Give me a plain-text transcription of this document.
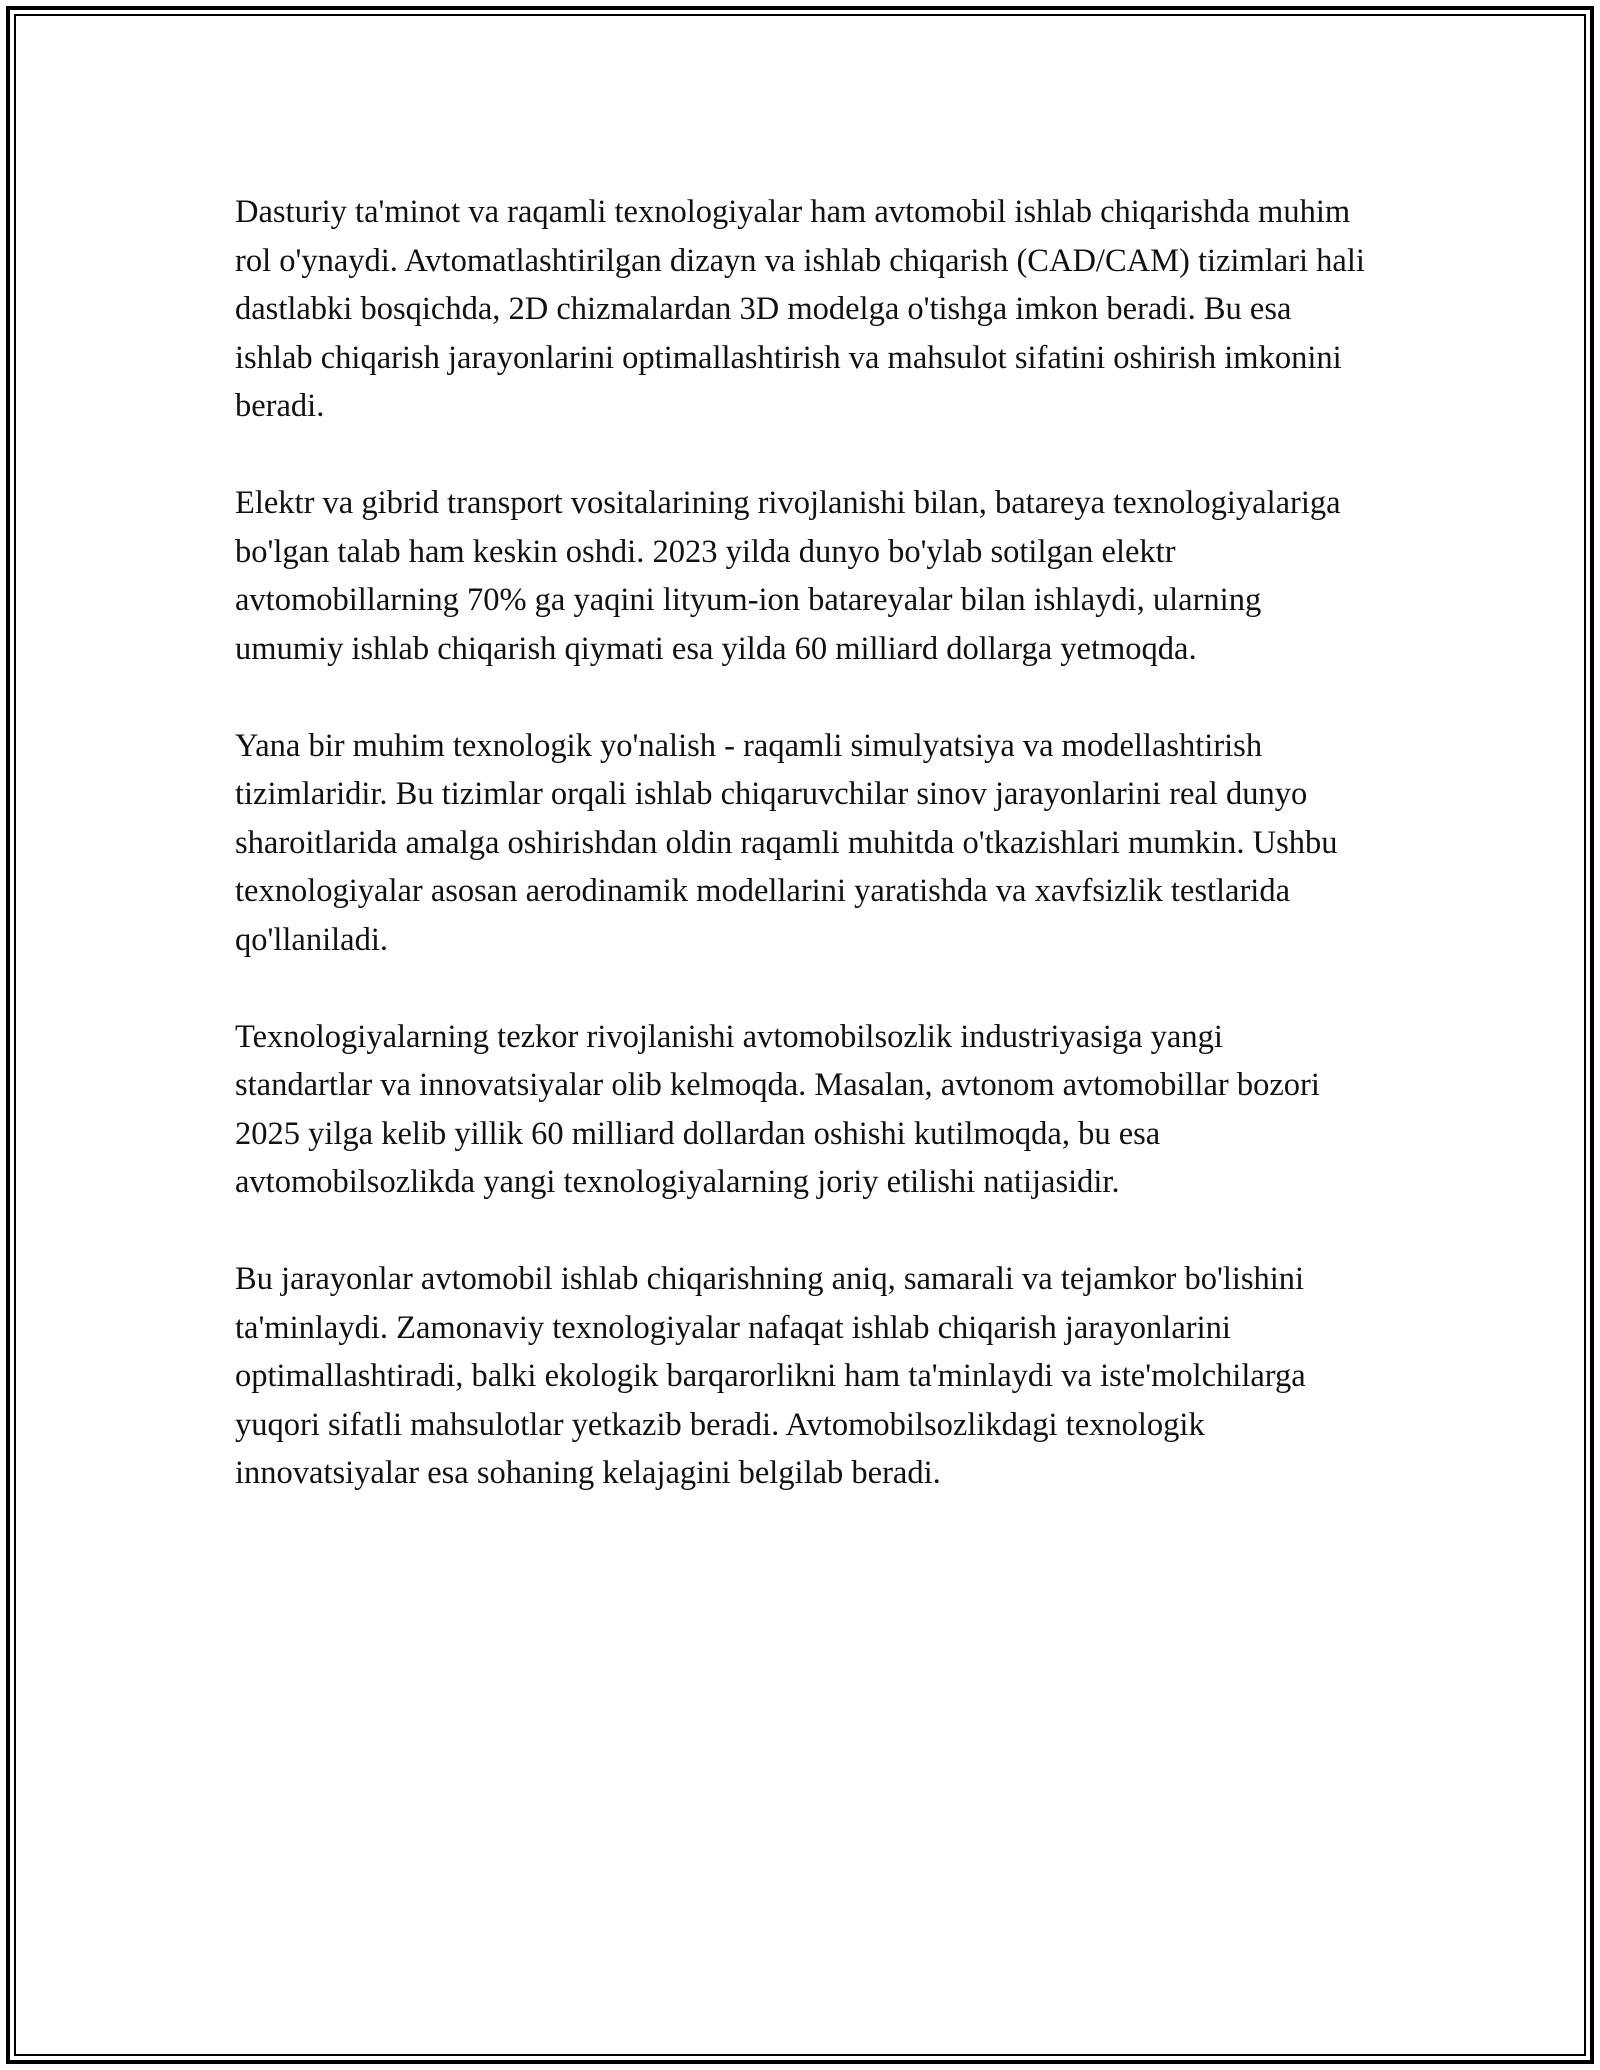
Dasturiy ta'minot va raqamli texnologiyalar ham avtomobil ishlab chiqarishda muhim rol o'ynaydi. Avtomatlashtirilgan dizayn va ishlab chiqarish (CAD/CAM) tizimlari hali dastlabki bosqichda, 2D chizmalardan 3D modelga o'tishga imkon beradi. Bu esa ishlab chiqarish jarayonlarini optimallashtirish va mahsulot sifatini oshirish imkonini beradi.

Elektr va gibrid transport vositalarining rivojlanishi bilan, batareya texnologiyalariga bo'lgan talab ham keskin oshdi. 2023 yilda dunyo bo'ylab sotilgan elektr avtomobillarning 70% ga yaqini lityum-ion batareyalar bilan ishlaydi, ularning umumiy ishlab chiqarish qiymati esa yilda 60 milliard dollarga yetmoqda.

Yana bir muhim texnologik yo'nalish - raqamli simulyatsiya va modellashtirish tizimlaridir. Bu tizimlar orqali ishlab chiqaruvchilar sinov jarayonlarini real dunyo sharoitlarida amalga oshirishdan oldin raqamli muhitda o'tkazishlari mumkin. Ushbu texnologiyalar asosan aerodinamik modellarini yaratishda va xavfsizlik testlarida qo'llaniladi.

Texnologiyalarning tezkor rivojlanishi avtomobilsozlik industriyasiga yangi standartlar va innovatsiyalar olib kelmoqda. Masalan, avtonom avtomobillar bozori 2025 yilga kelib yillik 60 milliard dollardan oshishi kutilmoqda, bu esa avtomobilsozlikda yangi texnologiyalarning joriy etilishi natijasidir.

Bu jarayonlar avtomobil ishlab chiqarishning aniq, samarali va tejamkor bo'lishini ta'minlaydi. Zamonaviy texnologiyalar nafaqat ishlab chiqarish jarayonlarini optimallashtiradi, balki ekologik barqarorlikni ham ta'minlaydi va iste'molchilarga yuqori sifatli mahsulotlar yetkazib beradi. Avtomobilsozlikdagi texnologik innovatsiyalar esa sohaning kelajagini belgilab beradi.
